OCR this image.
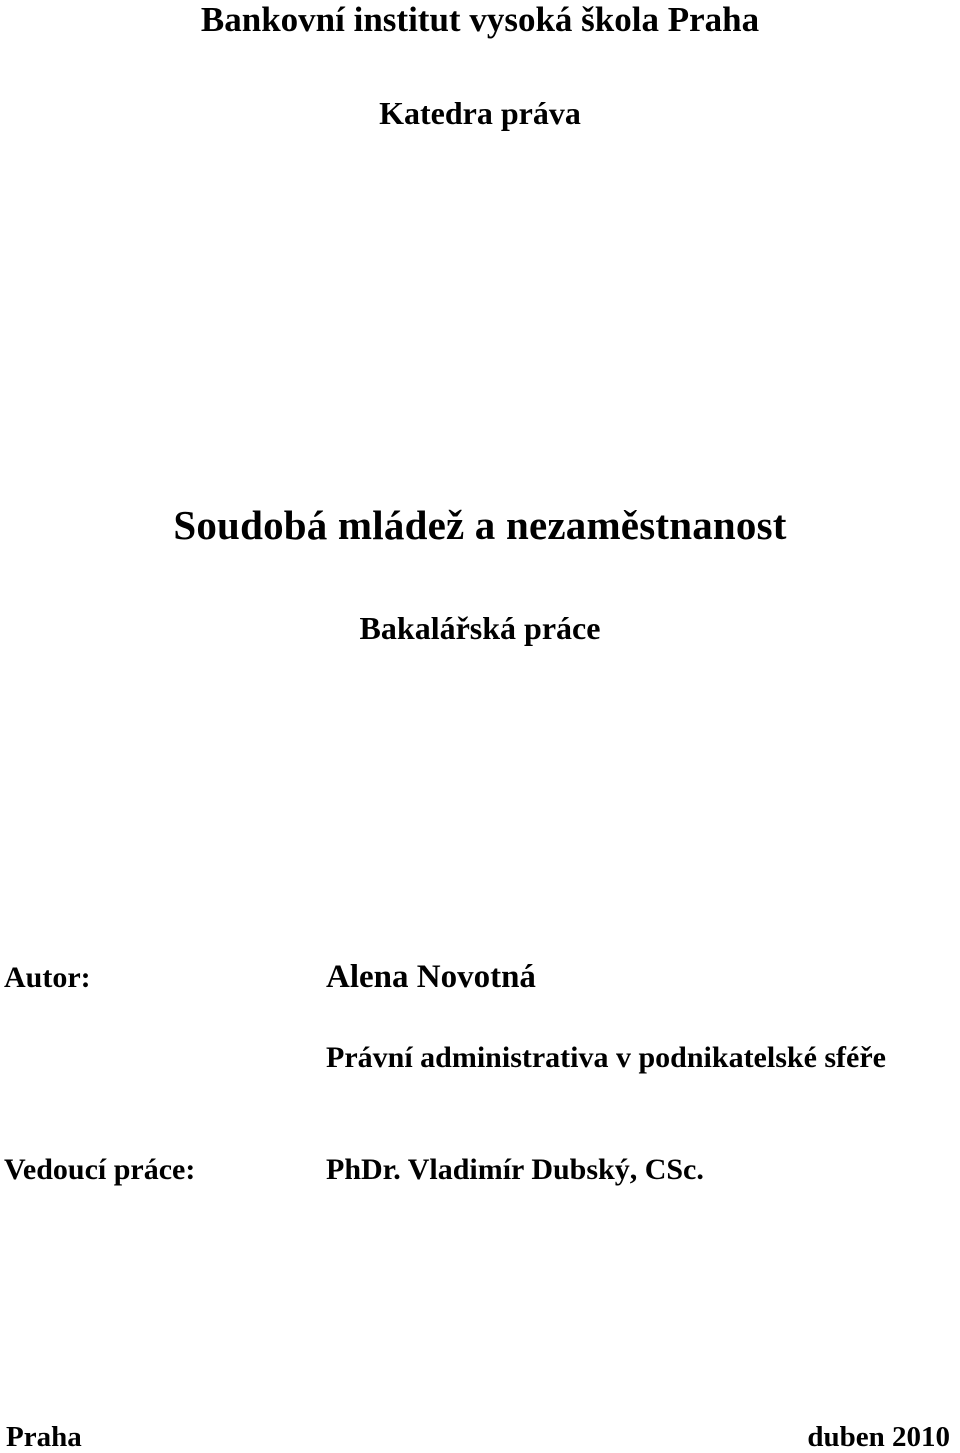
Bankovní institut vysoká škola Praha
Katedra práva
Soudobá mládež a nezaměstnanost
Bakalářská práce
Autor:	Alena Novotná
Právní administrativa v podnikatelské sféře
Vedoucí práce:	PhDr. Vladimír Dubský, CSc.
Praha	duben 2010
